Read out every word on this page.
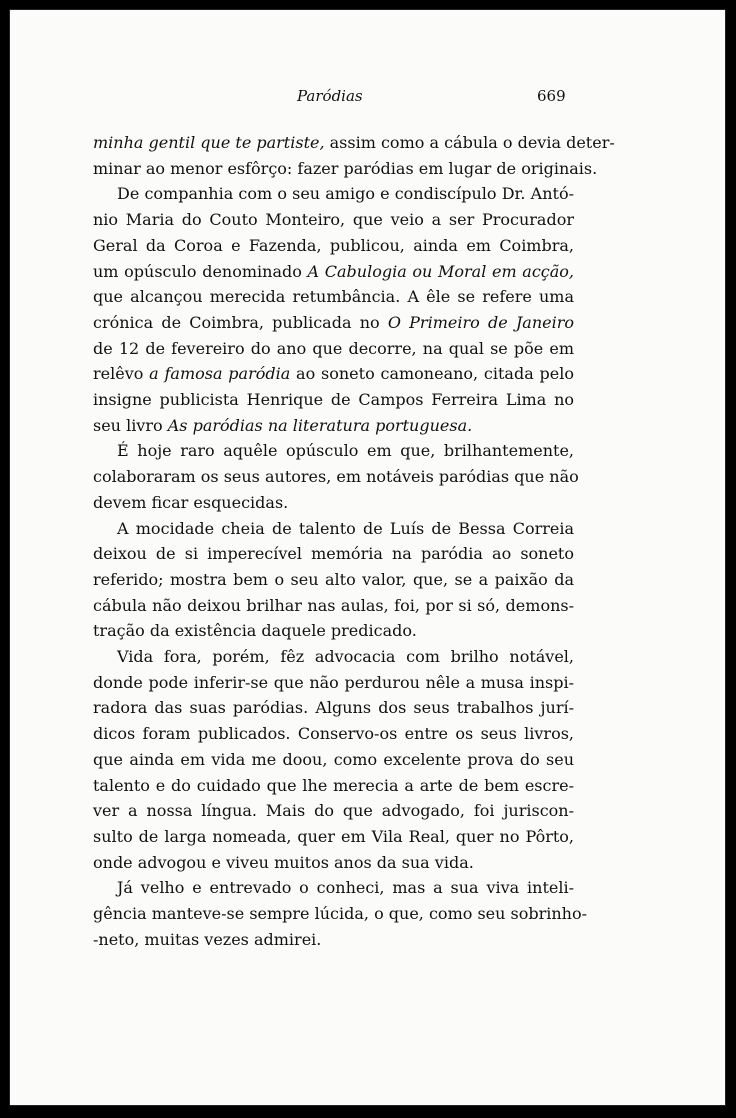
Paródias	669
minha gentil que te partiste, assim como a cábula o devia deter-
minar ao menor esfôrço: fazer paródias em lugar de originais.
De companhia com o seu amigo e condiscípulo Dr. Antó-
nio Maria do Couto Monteiro, que veio a ser Procurador
Geral da Coroa e Fazenda, publicou, ainda em Coimbra,
um opúsculo denominado A Cabulogia ou Moral em acção,
que alcançou merecida retumbância. A êle se refere uma
crónica de Coimbra, publicada no O Primeiro de Janeiro
de 12 de fevereiro do ano que decorre, na qual se põe em
relêvo a famosa paródia ao soneto camoneano, citada pelo
insigne publicista Henrique de Campos Ferreira Lima no
seu livro As paródias na literatura portuguesa.
É hoje raro aquêle opúsculo em que, brilhantemente,
colaboraram os seus autores, em notáveis paródias que não
devem ficar esquecidas.
A mocidade cheia de talento de Luís de Bessa Correia
deixou de si imperecível memória na paródia ao soneto
referido; mostra bem o seu alto valor, que, se a paixão da
cábula não deixou brilhar nas aulas, foi, por si só, demons-
tração da existência daquele predicado.
Vida fora, porém, fêz advocacia com brilho notável,
donde pode inferir-se que não perdurou nêle a musa inspi-
radora das suas paródias. Alguns dos seus trabalhos jurí-
dicos foram publicados. Conservo-os entre os seus livros,
que ainda em vida me doou, como excelente prova do seu
talento e do cuidado que lhe merecia a arte de bem escre-
ver a nossa língua. Mais do que advogado, foi juriscon-
sulto de larga nomeada, quer em Vila Real, quer no Pôrto,
onde advogou e viveu muitos anos da sua vida.
Já velho e entrevado o conheci, mas a sua viva inteli-
gência manteve-se sempre lúcida, o que, como seu sobrinho-
-neto, muitas vezes admirei.
